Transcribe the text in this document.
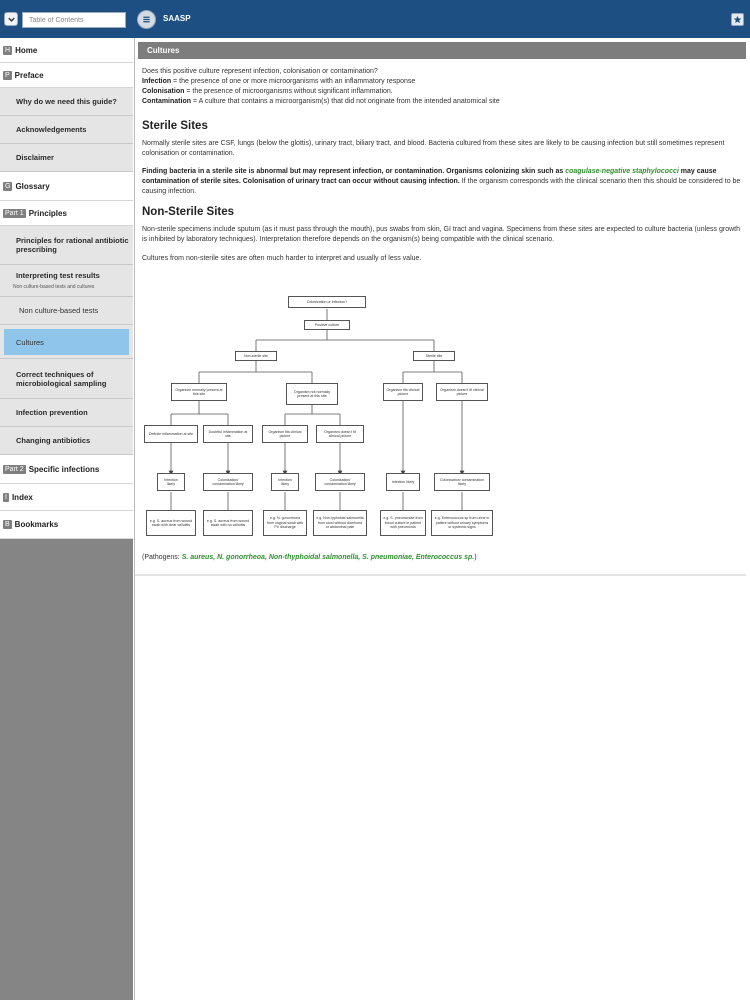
Table of Contents
SAASP
H Home
P Preface
Why do we need this guide?
Acknowledgements
Disclaimer
G Glossary
Part 1 Principles
Principles for rational antibiotic prescribing
Interpreting test results
Non culture-based tests and cultures
Non culture-based tests
Cultures
Correct techniques of microbiological sampling
Infection prevention
Changing antibiotics
Part 2 Specific infections
I Index
B Bookmarks
Cultures

Does this positive culture represent infection, colonisation or contamination?

Infection = the presence of one or more microorganisms with an inflammatory response

Colonisation = the presence of microorganisms without significant inflammation.

Contamination = A culture that contains a microorganism(s) that did not originate from the intended anatomical site

Sterile Sites

Normally sterile sites are CSF, lungs (below the glottis), urinary tract, biliary tract, and blood. Bacteria cultured from these sites are likely to be causing infection but still sometimes represent colonisation or contamination.

Finding bacteria in a sterile site is abnormal but may represent infection, or contamination. Organisms colonizing skin such as coagulase-negative staphylococci may cause contamination of sterile sites. Colonisation of urinary tract can occur without causing infection. If the organism corresponds with the clinical scenario then this should be considered to be causing infection.

Non-Sterile Sites

Non-sterile specimens include sputum (as it must pass through the mouth), pus swabs from skin, GI tract and vagina. Specimens from these sites are expected to culture bacteria (unless growth is inhibited by laboratory techniques). Interpretation therefore depends on the organism(s) being compatible with the clinical scenario.

Cultures from non-sterile sites are often much harder to interpret and usually of less value.

Colonization or Infection?
Positive culture
Non-sterile site	Sterile site
Organism normally present at this site
Organism not normally present at this site
Organism fits clinical picture
Organism doesn't fit clinical picture
Definite inflammation at site
Doubtful inflammation at site
Organism fits clinical picture
Organism doesn't fit clinical picture
Infection likely
Colonisation/ contamination likely
Infection likely
Colonisation/ contamination likely
Infection likely
Colonisation/ contamination likely
e.g. S. aureus from wound swab with clear cellulitis
e.g. S. aureus from wound swab with no cellulitis
e.g. N. gonorrhoea from vaginal swab with PV discharge
e.g. Non-typhoidal salmonella from stool without diarrhoea or abdominal pain
e.g. S. pneumoniae from blood culture in patient with pneumonia
e.g. Enterococcus sp from urine in patient without urinary symptoms or systemic signs

(Pathogens: S. aureus, N. gonorrheoa, Non-thyphoidal salmonella, S. pneumoniae, Enterococcus sp.)
